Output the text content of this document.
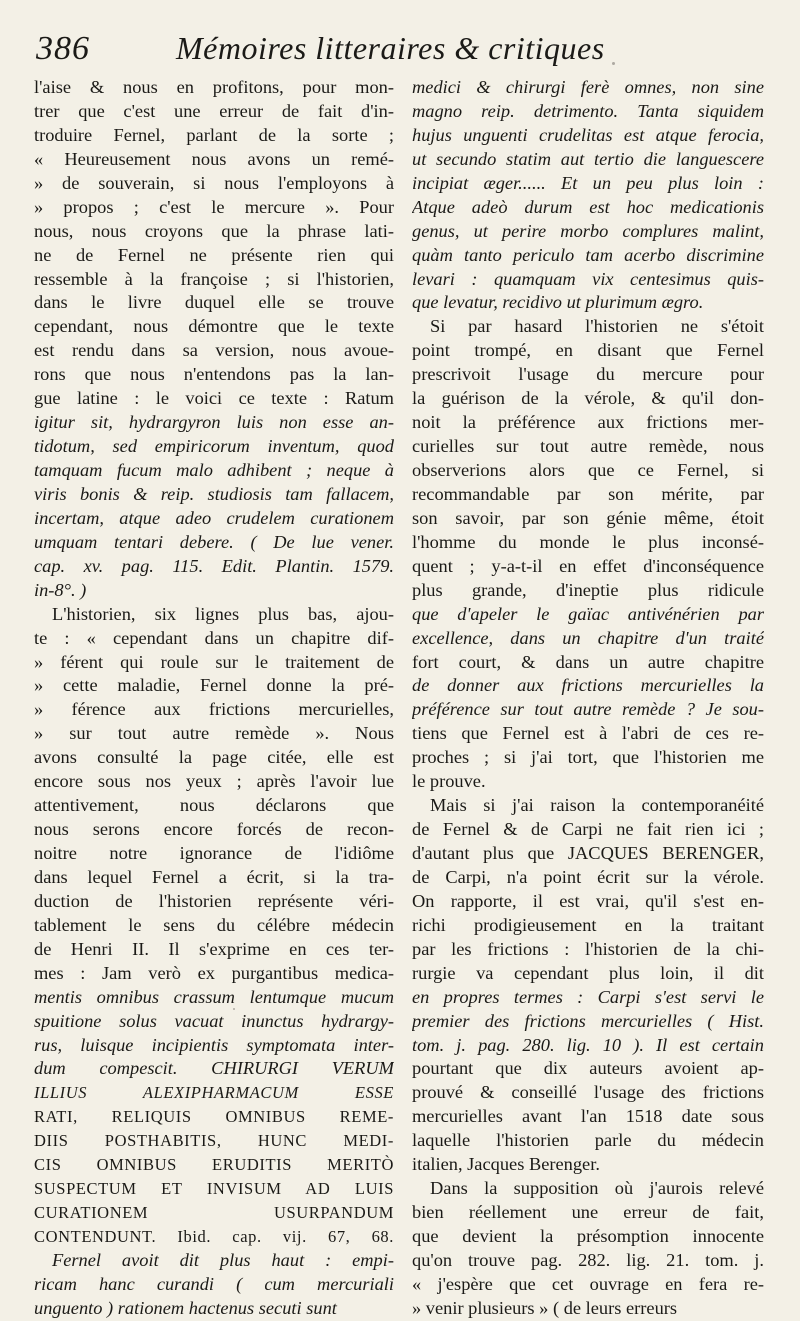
386	Mémoires litteraires & critiques
l'aise & nous en profitons, pour mon-
trer que c'est une erreur de fait d'in-
troduire Fernel, parlant de la sorte ;
« Heureusement nous avons un remé-
» de souverain, si nous l'employons à
» propos ; c'est le mercure ». Pour
nous, nous croyons que la phrase lati-
ne de Fernel ne présente rien qui
ressemble à la françoise ; si l'historien,
dans le livre duquel elle se trouve
cependant, nous démontre que le texte
est rendu dans sa version, nous avoue-
rons que nous n'entendons pas la lan-
gue latine : le voici ce texte : Ratum
igitur sit, hydrargyron luis non esse an-
tidotum, sed empiricorum inventum, quod
tamquam fucum malo adhibent ; neque à
viris bonis & reip. studiosis tam fallacem,
incertam, atque adeo crudelem curationem
umquam tentari debere. ( De lue vener.
cap. xv. pag. 115. Edit. Plantin. 1579.
in-8°. )
L'historien, six lignes plus bas, ajou-
te : « cependant dans un chapitre dif-
» férent qui roule sur le traitement de
» cette maladie, Fernel donne la pré-
» férence aux frictions mercurielles,
» sur tout autre remède ». Nous
avons consulté la page citée, elle est
encore sous nos yeux ; après l'avoir lue
attentivement, nous déclarons que
nous serons encore forcés de recon-
noitre notre ignorance de l'idiôme
dans lequel Fernel a écrit, si la tra-
duction de l'historien représente véri-
tablement le sens du célébre médecin
de Henri II. Il s'exprime en ces ter-
mes : Jam verò ex purgantibus medica-
mentis omnibus crassum lentumque mucum
spuitione solus vacuat inunctus hydrargy-
rus, luisque incipientis symptomata inter-
dum compescit. CHIRURGI VERUM
ILLIUS ALEXIPHARMACUM ESSE
RATI, RELIQUIS OMNIBUS REME-
DIIS POSTHABITIS, HUNC MEDI-
CIS OMNIBUS ERUDITIS MERITÒ
SUSPECTUM ET INVISUM AD LUIS
CURATIONEM USURPANDUM
CONTENDUNT. Ibid. cap. vij. 67, 68.
Fernel avoit dit plus haut : empi-
ricam hanc curandi ( cum mercuriali
unguento ) rationem hactenus secuti sunt
medici & chirurgi ferè omnes, non sine
magno reip. detrimento. Tanta siquidem
hujus unguenti crudelitas est atque ferocia,
ut secundo statim aut tertio die languescere
incipiat æger...... Et un peu plus loin :
Atque adeò durum est hoc medicationis
genus, ut perire morbo complures malint,
quàm tanto periculo tam acerbo discrimine
levari : quamquam vix centesimus quis-
que levatur, recidivo ut plurimum ægro.
Si par hasard l'historien ne s'étoit
point trompé, en disant que Fernel
prescrivoit l'usage du mercure pour
la guérison de la vérole, & qu'il don-
noit la préférence aux frictions mer-
curielles sur tout autre remède, nous
observerions alors que ce Fernel, si
recommandable par son mérite, par
son savoir, par son génie même, étoit
l'homme du monde le plus inconsé-
quent ; y-a-t-il en effet d'inconséquence
plus grande, d'ineptie plus ridicule
que d'apeler le gaïac antivénérien par
excellence, dans un chapitre d'un traité
fort court, & dans un autre chapitre
de donner aux frictions mercurielles la
préférence sur tout autre remède ? Je sou-
tiens que Fernel est à l'abri de ces re-
proches ; si j'ai tort, que l'historien me
le prouve.
Mais si j'ai raison la contemporanéité
de Fernel & de Carpi ne fait rien ici ;
d'autant plus que JACQUES BERENGER,
de Carpi, n'a point écrit sur la vérole.
On rapporte, il est vrai, qu'il s'est en-
richi prodigieusement en la traitant
par les frictions : l'historien de la chi-
rurgie va cependant plus loin, il dit
en propres termes : Carpi s'est servi le
premier des frictions mercurielles ( Hist.
tom. j. pag. 280. lig. 10 ). Il est certain
pourtant que dix auteurs avoient ap-
prouvé & conseillé l'usage des frictions
mercurielles avant l'an 1518 date sous
laquelle l'historien parle du médecin
italien, Jacques Berenger.
Dans la supposition où j'aurois relevé
bien réellement une erreur de fait,
que devient la présomption innocente
qu'on trouve pag. 282. lig. 21. tom. j.
« j'espère que cet ouvrage en fera re-
» venir plusieurs » ( de leurs erreurs
